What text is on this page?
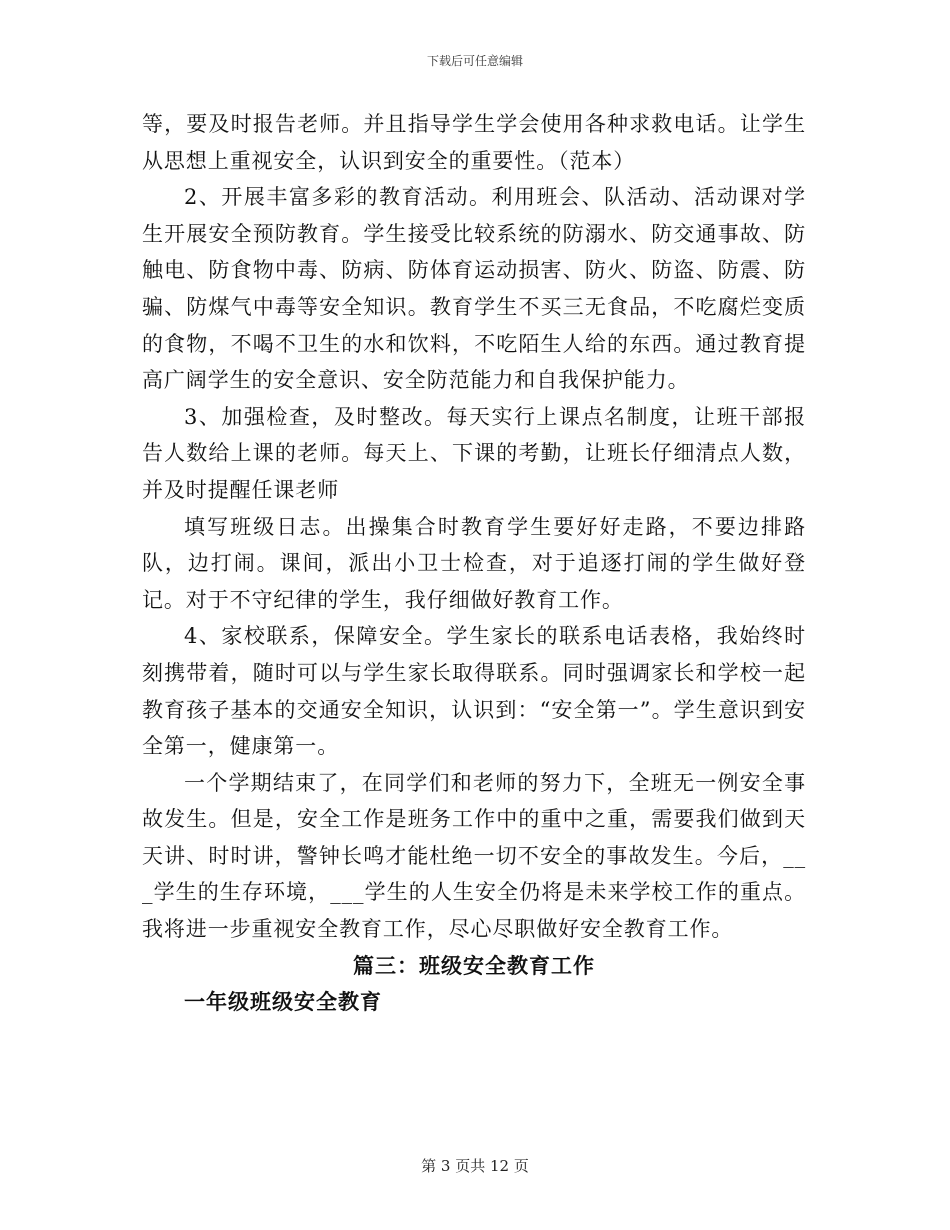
下载后可任意编辑

等，要及时报告老师。并且指导学生学会使用各种求救电话。让学生从思想上重视安全，认识到安全的重要性。（范本）

2、开展丰富多彩的教育活动。利用班会、队活动、活动课对学生开展安全预防教育。学生接受比较系统的防溺水、防交通事故、防触电、防食物中毒、防病、防体育运动损害、防火、防盗、防震、防骗、防煤气中毒等安全知识。教育学生不买三无食品，不吃腐烂变质的食物，不喝不卫生的水和饮料，不吃陌生人给的东西。通过教育提高广阔学生的安全意识、安全防范能力和自我保护能力。

3、加强检查，及时整改。每天实行上课点名制度，让班干部报告人数给上课的老师。每天上、下课的考勤，让班长仔细清点人数，并及时提醒任课老师

填写班级日志。出操集合时教育学生要好好走路，不要边排路队，边打闹。课间，派出小卫士检查，对于追逐打闹的学生做好登记。对于不守纪律的学生，我仔细做好教育工作。

4、家校联系，保障安全。学生家长的联系电话表格，我始终时刻携带着，随时可以与学生家长取得联系。同时强调家长和学校一起教育孩子基本的交通安全知识，认识到：“安全第一”。学生意识到安全第一，健康第一。

一个学期结束了，在同学们和老师的努力下，全班无一例安全事故发生。但是，安全工作是班务工作中的重中之重，需要我们做到天天讲、时时讲，警钟长鸣才能杜绝一切不安全的事故发生。今后，___学生的生存环境，___学生的人生安全仍将是未来学校工作的重点。我将进一步重视安全教育工作，尽心尽职做好安全教育工作。

篇三：班级安全教育工作

一年级班级安全教育

第 3 页共 12 页
